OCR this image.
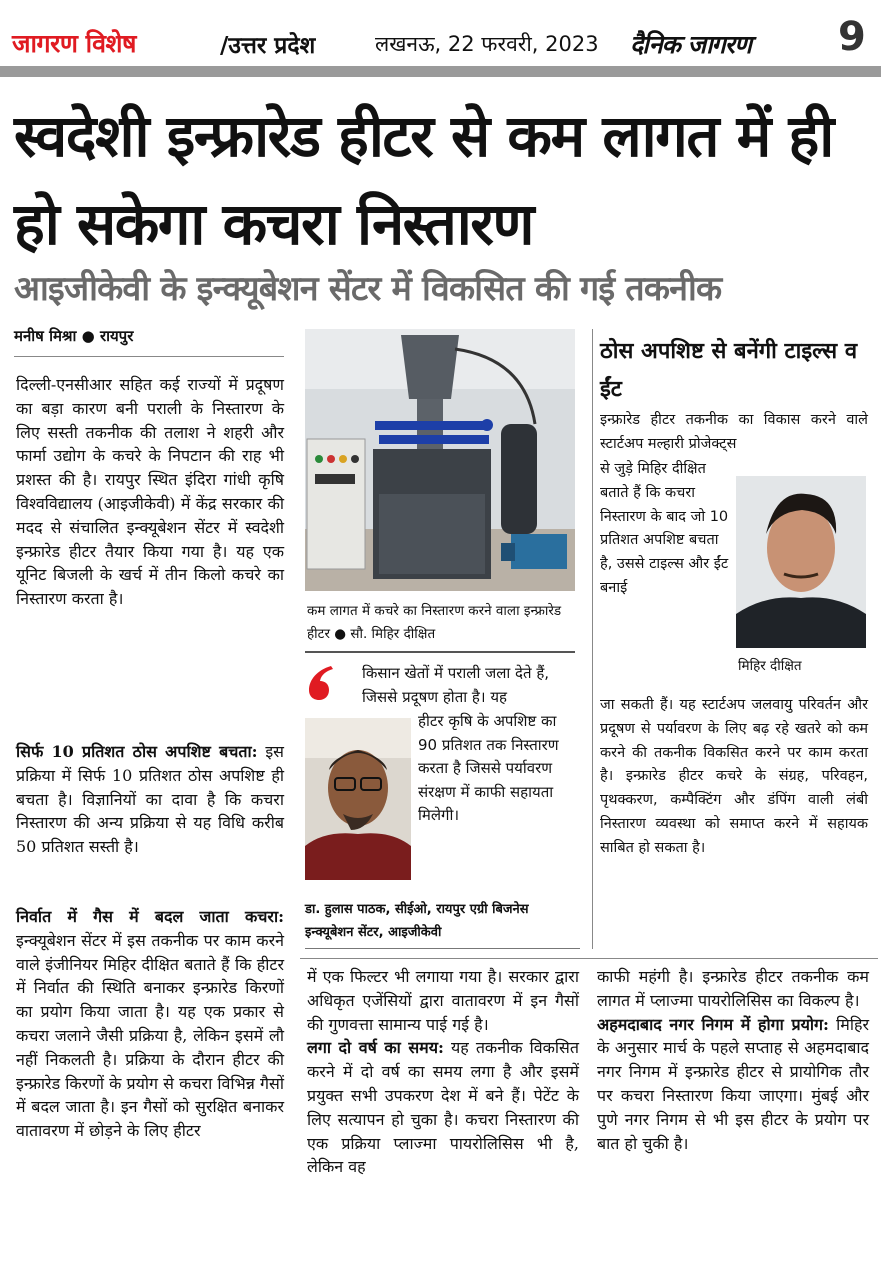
जागरण विशेष	/उत्तर प्रदेश	लखनऊ, 22 फरवरी, 2023 दैनिक जागरण 9
स्वदेशी इन्फ्रारेड हीटर से कम लागत में ही हो सकेगा कचरा निस्तारण
आइजीकेवी के इन्क्यूबेशन सेंटर में विकसित की गई तकनीक
मनीष मिश्रा ● रायपुर
दिल्ली-एनसीआर सहित कई राज्यों में प्रदूषण का बड़ा कारण बनी पराली के निस्तारण के लिए सस्ती तकनीक की तलाश ने शहरी और फार्मा उद्योग के कचरे के निपटान की राह भी प्रशस्त की है। रायपुर स्थित इंदिरा गांधी कृषि विश्वविद्यालय (आइजीकेवी) में केंद्र सरकार की मदद से संचालित इन्क्यूबेशन सेंटर में स्वदेशी इन्फ्रारेड हीटर तैयार किया गया है। यह एक यूनिट बिजली के खर्च में तीन किलो कचरे का निस्तारण करता है।
सिर्फ 10 प्रतिशत ठोस अपशिष्ट बचता: इस प्रक्रिया में सिर्फ 10 प्रतिशत ठोस अपशिष्ट ही बचता है। विज्ञानियों का दावा है कि कचरा निस्तारण की अन्य प्रक्रिया से यह विधि करीब 50 प्रतिशत सस्ती है।
निर्वात में गैस में बदल जाता कचरा: इन्क्यूबेशन सेंटर में इस तकनीक पर काम करने वाले इंजीनियर मिहिर दीक्षित बताते हैं कि हीटर में निर्वात की स्थिति बनाकर इन्फ्रारेड किरणों का प्रयोग किया जाता है। यह एक प्रकार से कचरा जलाने जैसी प्रक्रिया है, लेकिन इसमें लौ नहीं निकलती है। प्रक्रिया के दौरान हीटर की इन्फ्रारेड किरणों के प्रयोग से कचरा विभिन्न गैसों में बदल जाता है। इन गैसों को सुरक्षित बनाकर वातावरण में छोड़ने के लिए हीटर
कम लागत में कचरे का निस्तारण करने वाला इन्फ्रारेड हीटर ● सौ. मिहिर दीक्षित
किसान खेतों में पराली जला देते हैं, जिससे प्रदूषण होता है। यह
हीटर कृषि के अपशिष्ट का 90 प्रतिशत तक निस्तारण करता है जिससे पर्यावरण संरक्षण में काफी सहायता मिलेगी।
डा. हुलास पाठक, सीईओ, रायपुर एग्री बिजनेस इन्क्यूबेशन सेंटर, आइजीकेवी
ठोस अपशिष्ट से बनेंगी टाइल्स व ईंट
इन्फ्रारेड हीटर तकनीक का विकास करने वाले स्टार्टअप मल्हारी प्रोजेक्ट्स
से जुड़े मिहिर दीक्षित बताते हैं कि कचरा निस्तारण के बाद जो 10 प्रतिशत अपशिष्ट बचता है, उससे टाइल्स और ईंट बनाई
मिहिर दीक्षित
जा सकती हैं। यह स्टार्टअप जलवायु परिवर्तन और प्रदूषण से पर्यावरण के लिए बढ़ रहे खतरे को कम करने की तकनीक विकसित करने पर काम करता है। इन्फ्रारेड हीटर कचरे के संग्रह, परिवहन, पृथक्करण, कम्पैक्टिंग और डंपिंग वाली लंबी निस्तारण व्यवस्था को समाप्त करने में सहायक साबित हो सकता है।
में एक फिल्टर भी लगाया गया है। सरकार द्वारा अधिकृत एजेंसियों द्वारा वातावरण में इन गैसों की गुणवत्ता सामान्य पाई गई है।
लगा दो वर्ष का समय: यह तकनीक विकसित करने में दो वर्ष का समय लगा है और इसमें प्रयुक्त सभी उपकरण देश में बने हैं। पेटेंट के लिए सत्यापन हो चुका है। कचरा निस्तारण की एक प्रक्रिया प्लाज्मा पायरोलिसिस भी है, लेकिन वह
काफी महंगी है। इन्फ्रारेड हीटर तकनीक कम लागत में प्लाज्मा पायरोलिसिस का विकल्प है।
अहमदाबाद नगर निगम में होगा प्रयोग: मिहिर के अनुसार मार्च के पहले सप्ताह से अहमदाबाद नगर निगम में इन्फ्रारेड हीटर से प्रायोगिक तौर पर कचरा निस्तारण किया जाएगा। मुंबई और पुणे नगर निगम से भी इस हीटर के प्रयोग पर बात हो चुकी है।
